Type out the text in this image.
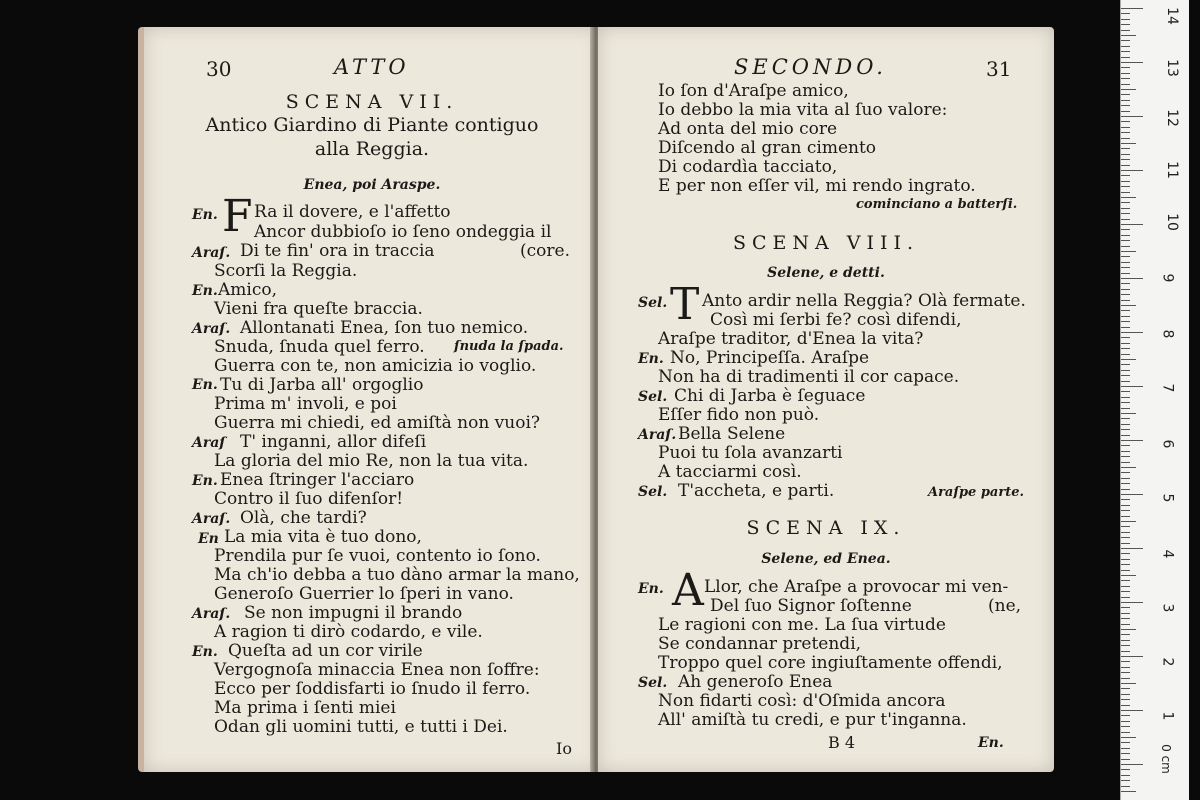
30	ATTO
SCENA VII.
Antico Giardino di Piante contiguo
alla Reggia.
Enea, poi Araspe.
F
En. Ra il dovere, e l'affetto
Ancor dubbioſo io ſeno ondeggia il
Araſ. Di te fin' ora in traccia	(core.
Scorſi la Reggia.
En. Amico,
Vieni fra queſte braccia.
Araſ. Allontanati Enea, ſon tuo nemico.
Snuda, ſnuda quel ferro. ſnuda la ſpada.
Guerra con te, non amicizia io voglio.
En. Tu di Jarba all' orgoglio
Prima m' involi, e poi
Guerra mi chiedi, ed amiſtà non vuoi?
Araſ T' inganni, allor difeſi
La gloria del mio Re, non la tua vita.
En. Enea ſtringer l'acciaro
Contro il ſuo difenſor!
Araſ. Olà, che tardi?
En La mia vita è tuo dono,
Prendila pur ſe vuoi, contento io ſono.
Ma ch'io debba a tuo dàno armar la mano,
Generoſo Guerrier lo ſperi in vano.
Araſ. Se non impugni il brando
A ragion ti dirò codardo, e vile.
En. Queſta ad un cor virile
Vergognoſa minaccia Enea non ſoffre:
Ecco per ſoddisfarti io ſnudo il ferro.
Ma prima i ſenti miei
Odan gli uomini tutti, e tutti i Dei.
Io
SECONDO.	31
Io ſon d'Araſpe amico,
Io debbo la mia vita al ſuo valore:
Ad onta del mio core
Diſcendo al gran cimento
Di codardìa tacciato,
E per non eſſer vil, mi rendo ingrato.
cominciano a batterſi.
SCENA VIII.
Selene, e detti.
Sel. T Anto ardir nella Reggia? Olà fermate.
Così mi ſerbi fe? così difendi,
Araſpe traditor, d'Enea la vita?
En. No, Principeſſa. Araſpe
Non ha di tradimenti il cor capace.
Sel. Chi di Jarba è ſeguace
Eſſer fido non può.
Araſ. Bella Selene
Puoi tu ſola avanzarti
A tacciarmi così.
Sel. T'accheta, e parti.	Araſpe parte.
SCENA IX.
Selene, ed Enea.
En. A Llor, che Araſpe a provocar mi ven-
Del ſuo Signor ſoſtenne	(ne,
Le ragioni con me. La ſua virtude
Se condannar pretendi,
Troppo quel core ingiuſtamente offendi,
Sel. Ah generoſo Enea
Non fidarti così: d'Oſmida ancora
All' amiſtà tu credi, e pur t'inganna.
B 4	En.
14
13
12
11
10
9
8
7
6
5
4
3
2
1
0 cm
